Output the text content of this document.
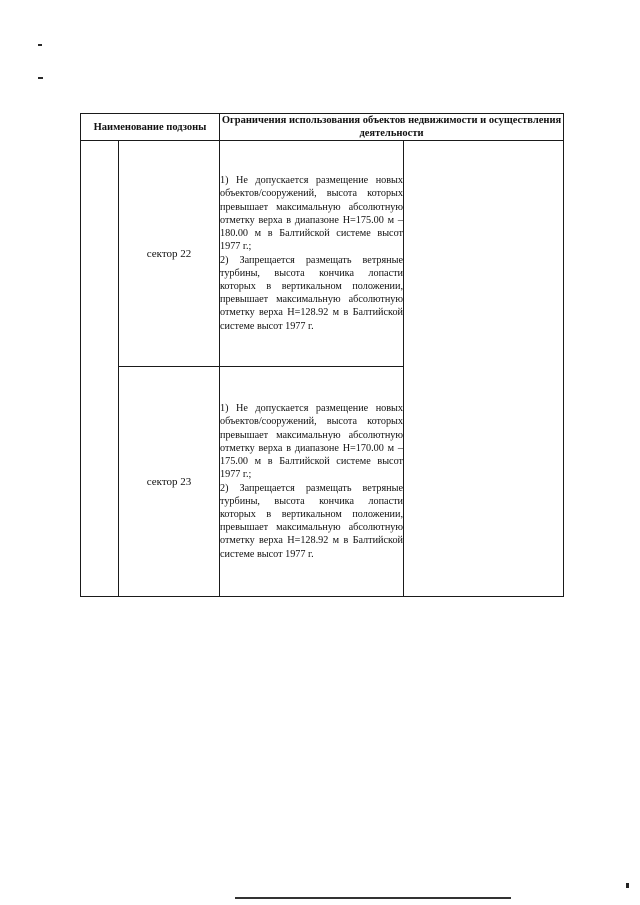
Наименование подзоны		Ограничения использования объектов недвижимости и осуществления деятельности	
	сектор 22	1) Не допускается размещение новых объектов/сооружений, высота которых превышает максимальную абсолютную отметку верха в диапазоне H=175.00 м – 180.00 м в Балтийской системе высот 1977 г.;

2) Запрещается размещать ветряные турбины, высота кончика лопасти которых в вертикальном положении, превышает максимальную абсолютную отметку верха H=128.92 м в Балтийской системе высот 1977 г.	

	сектор 23	1) Не допускается размещение новых объектов/сооружений, высота которых превышает максимальную абсолютную отметку верха в диапазоне H=170.00 м – 175.00 м в Балтийской системе высот 1977 г.;

2) Запрещается размещать ветряные турбины, высота кончика лопасти которых в вертикальном положении, превышает максимальную абсолютную отметку верха H=128.92 м в Балтийской системе высот 1977 г.	
